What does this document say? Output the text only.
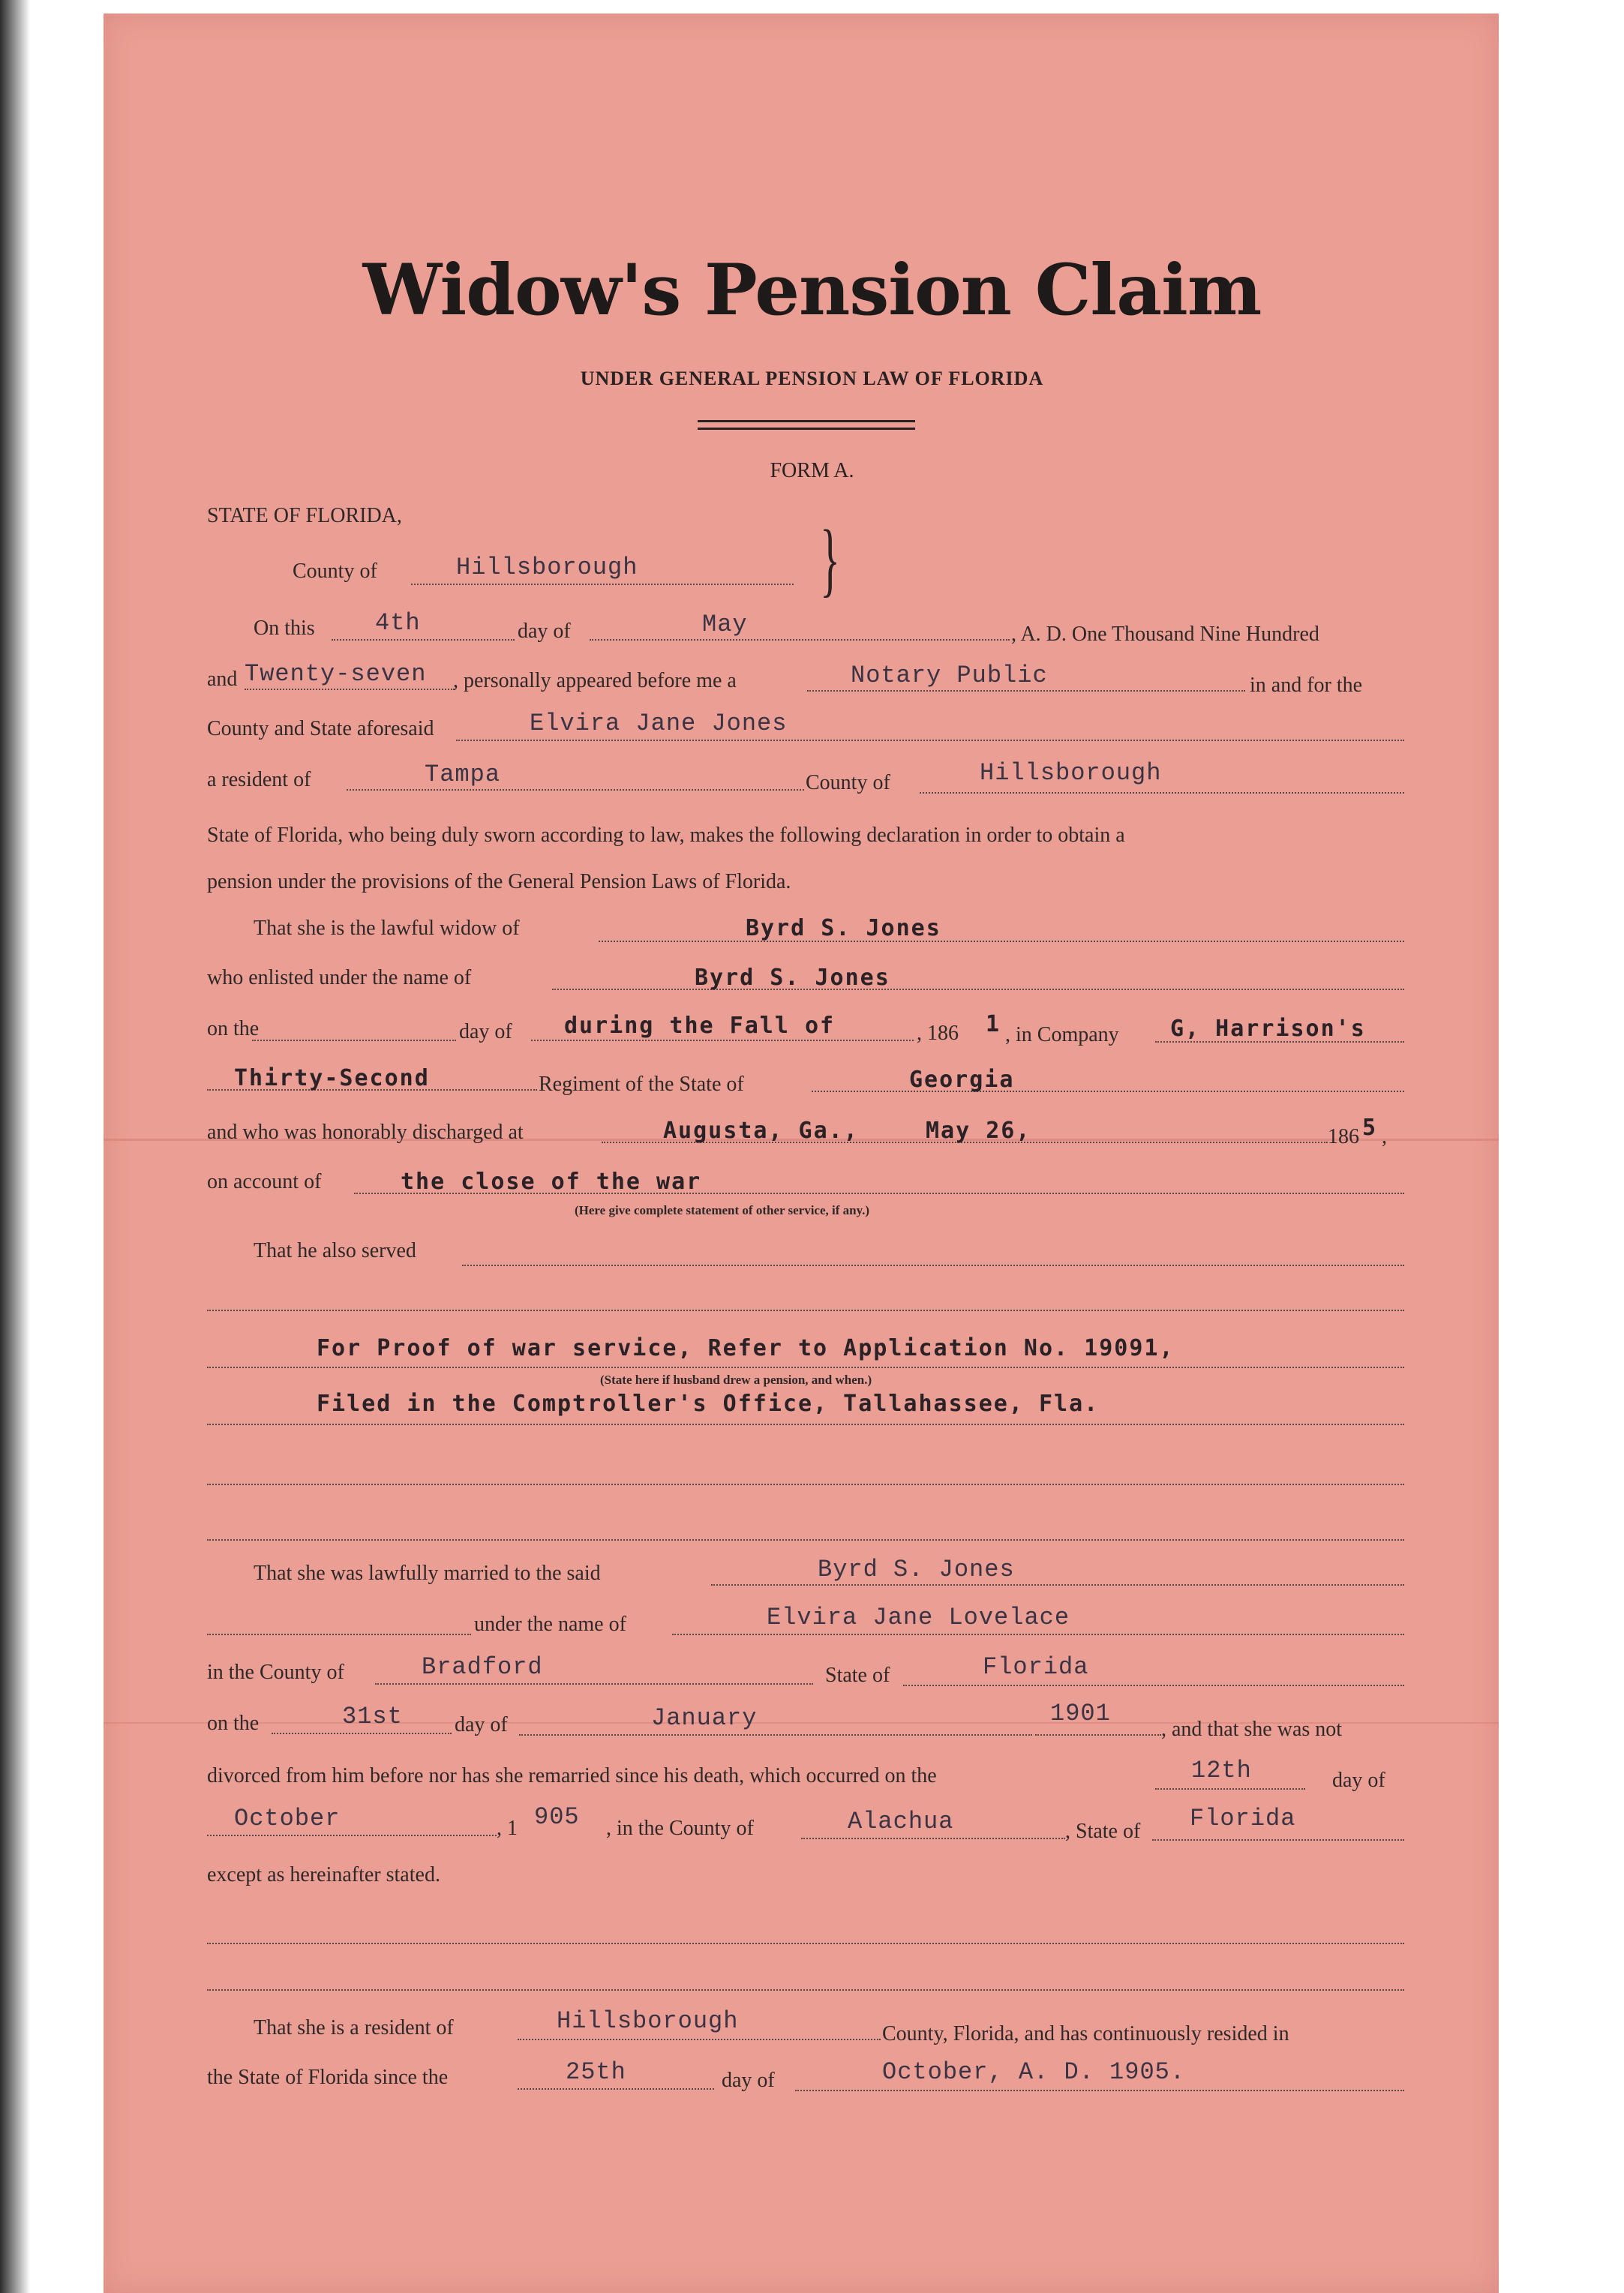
Widow's Pension Claim
UNDER GENERAL PENSION LAW OF FLORIDA
FORM A.
STATE OF FLORIDA,
County of	Hillsborough }
On this	4th	day of	May	, A. D. One Thousand Nine Hundred
and Twenty-seven , personally appeared before me a	Notary Public	in and for the
County and State aforesaid	Elvira Jane Jones
a resident of	Tampa	County of	Hillsborough
State of Florida, who being duly sworn according to law, makes the following declaration in order to obtain a
pension under the provisions of the General Pension Laws of Florida.
That she is the lawful widow of	Byrd S. Jones
who enlisted under the name of	Byrd S. Jones
on the	day of during the Fall of	, 186 1 , in Company G, Harrison's
Thirty-Second	Regiment of the State of	Georgia
and who was honorably discharged at	Augusta, Ga.,	May 26,	186 5 ,
on account of	the close of the war
(Here give complete statement of other service, if any.)
That he also served
For Proof of war service, Refer to Application No. 19091,
(State here if husband drew a pension, and when.)
Filed in the Comptroller's Office, Tallahassee, Fla.
That she was lawfully married to the said	Byrd S. Jones
under the name of	Elvira Jane Lovelace
in the County of	Bradford	State of	Florida
on the	31st day of	January	1901
, and that she was not
divorced from him before nor has she remarried since his death, which occurred on the	12th	day of
October	, 1 905 , in the County of	Alachua	, State of Florida
except as hereinafter stated.
That she is a resident of	Hillsborough	County, Florida, and has continuously resided in
the State of Florida since the	25th	day of	October, A. D. 1905.
